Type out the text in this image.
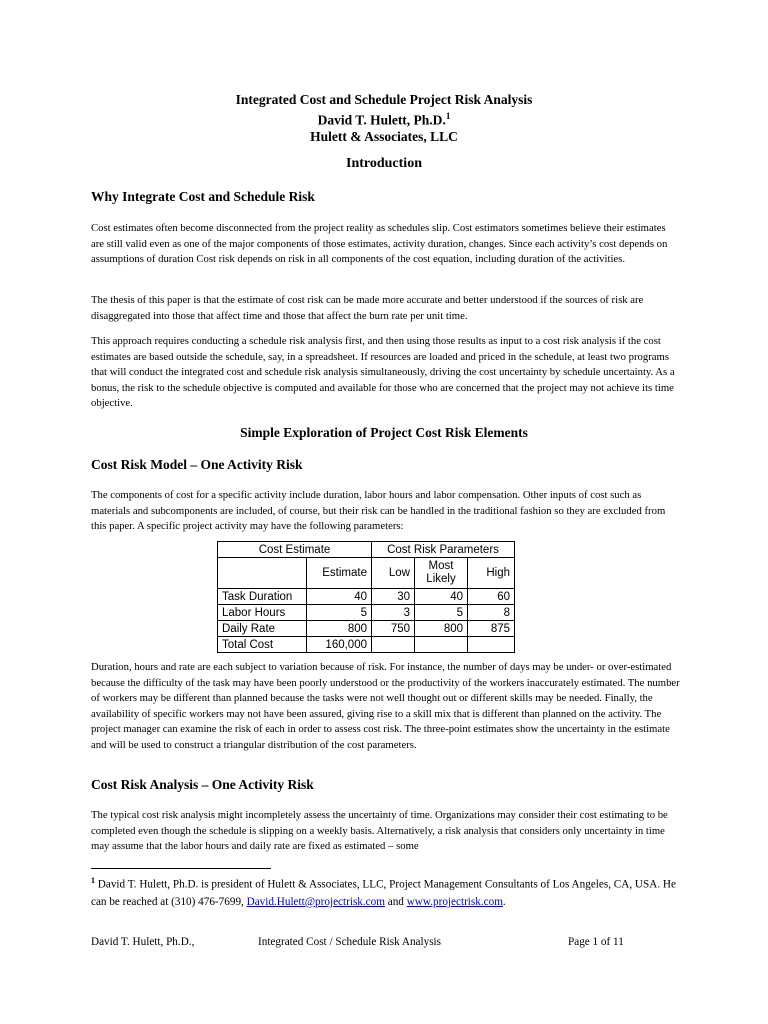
Integrated Cost and Schedule Project Risk Analysis
David T. Hulett, Ph.D.$^1$
Hulett & Associates, LLC
Introduction
Why Integrate Cost and Schedule Risk
Cost estimates often become disconnected from the project reality as schedules slip. Cost estimators sometimes believe their estimates are still valid even as one of the major components of those estimates, activity duration, changes. Since each activity’s cost depends on assumptions of duration Cost risk depends on risk in all components of the cost equation, including duration of the activities.
The thesis of this paper is that the estimate of cost risk can be made more accurate and better understood if the sources of risk are disaggregated into those that affect time and those that affect the burn rate per unit time.
This approach requires conducting a schedule risk analysis first, and then using those results as input to a cost risk analysis if the cost estimates are based outside the schedule, say, in a spreadsheet. If resources are loaded and priced in the schedule, at least two programs that will conduct the integrated cost and schedule risk analysis simultaneously, driving the cost uncertainty by schedule uncertainty. As a bonus, the risk to the schedule objective is computed and available for those who are concerned that the project may not achieve its time objective.
Simple Exploration of Project Cost Risk Elements
Cost Risk Model – One Activity Risk
The components of cost for a specific activity include duration, labor hours and labor compensation. Other inputs of cost such as materials and subcomponents are included, of course, but their risk can be handled in the traditional fashion so they are excluded from this paper. A specific project activity may have the following parameters:
Cost Estimate		Cost Risk Parameters		
	Estimate	Low	Most Likely	High
Task Duration	40	30	40	60
Labor Hours	5	3	5	8
Daily Rate	800	750	800	875
Total Cost	160,000			
Duration, hours and rate are each subject to variation because of risk. For instance, the number of days may be under- or over-estimated because the difficulty of the task may have been poorly understood or the productivity of the workers inaccurately estimated. The number of workers may be different than planned because the tasks were not well thought out or different skills may be needed. Finally, the availability of specific workers may not have been assured, giving rise to a skill mix that is different than planned on the activity. The project manager can examine the risk of each in order to assess cost risk. The three-point estimates show the uncertainty in the estimate and will be used to construct a triangular distribution of the cost parameters.
Cost Risk Analysis – One Activity Risk
The typical cost risk analysis might incompletely assess the uncertainty of time. Organizations may consider their cost estimating to be completed even though the schedule is slipping on a weekly basis. Alternatively, a risk analysis that considers only uncertainty in time may assume that the labor hours and daily rate are fixed as estimated – some
$^1$ David T. Hulett, Ph.D. is president of Hulett & Associates, LLC, Project Management Consultants of Los Angeles, CA, USA. He can be reached at (310) 476-7699, David.Hulett@projectrisk.com and www.projectrisk.com.
David T. Hulett, Ph.D.,	Integrated Cost / Schedule Risk Analysis	Page 1 of 11
